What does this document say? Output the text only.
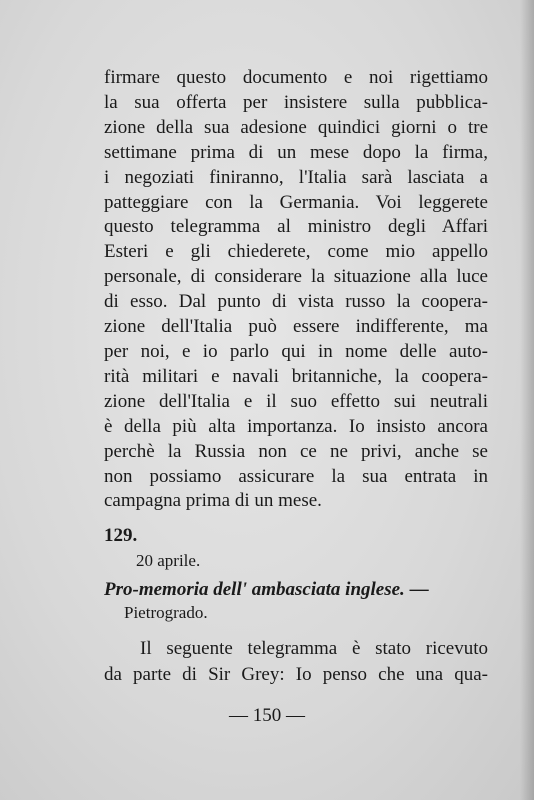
firmare questo documento e noi rigettiamo
la sua offerta per insistere sulla pubblica-
zione della sua adesione quindici giorni o tre
settimane prima di un mese dopo la firma,
i negoziati finiranno, l'Italia sarà lasciata a
patteggiare con la Germania. Voi leggerete
questo telegramma al ministro degli Affari
Esteri e gli chiederete, come mio appello
personale, di considerare la situazione alla luce
di esso. Dal punto di vista russo la coopera-
zione dell'Italia può essere indifferente, ma
per noi, e io parlo qui in nome delle auto-
rità militari e navali britanniche, la coopera-
zione dell'Italia e il suo effetto sui neutrali
è della più alta importanza. Io insisto ancora
perchè la Russia non ce ne privi, anche se
non possiamo assicurare la sua entrata in
campagna prima di un mese.
129.
20 aprile.
Pro-memoria dell' ambasciata inglese. —
Pietrogrado.
Il seguente telegramma è stato ricevuto
da parte di Sir Grey: Io penso che una qua-
— 150 —
